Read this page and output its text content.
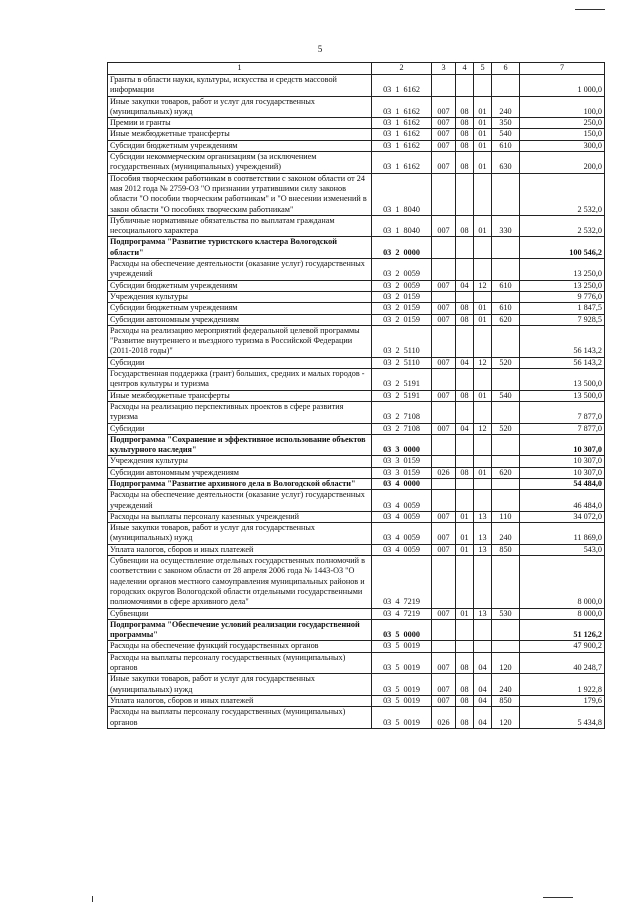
5
1	2	3	4	5	6	7
Гранты в области науки, культуры, искусства и средств массовой информации	03  1  6162					1 000,0
Иные закупки товаров, работ и услуг для государственных (муниципальных) нужд	03  1  6162	007	08	01	240	100,0
Премии и гранты	03  1  6162	007	08	01	350	250,0
Иные межбюджетные трансферты	03  1  6162	007	08	01	540	150,0
Субсидии бюджетным учреждениям	03  1  6162	007	08	01	610	300,0
Субсидии некоммерческим организациям (за исключением государственных (муниципальных) учреждений)	03  1  6162	007	08	01	630	200,0
Пособия творческим работникам в соответствии с законом области от 24 мая 2012 года № 2759-ОЗ "О признании утратившими силу законов области "О пособии творческим работникам" и "О внесении изменений в закон области "О пособиях творческим работникам"	03  1  8040					2 532,0
Публичные нормативные обязательства по выплатам гражданам несоциального характера	03  1  8040	007	08	01	330	2 532,0
Подпрограмма "Развитие туристского кластера Вологодской области"	03  2  0000					100 546,2
Расходы на обеспечение деятельности (оказание услуг) государственных учреждений	03  2  0059					13 250,0
Субсидии бюджетным учреждениям	03  2  0059	007	04	12	610	13 250,0
Учреждения культуры	03  2  0159					9 776,0
Субсидии бюджетным учреждениям	03  2  0159	007	08	01	610	1 847,5
Субсидии автономным учреждениям	03  2  0159	007	08	01	620	7 928,5
Расходы на реализацию мероприятий федеральной целевой программы "Развитие внутреннего и въездного туризма в Российской Федерации (2011-2018 годы)"	03  2  5110					56 143,2
Субсидии	03  2  5110	007	04	12	520	56 143,2
Государственная поддержка (грант) больших, средних и малых городов - центров культуры и туризма	03  2  5191					13 500,0
Иные межбюджетные трансферты	03  2  5191	007	08	01	540	13 500,0
Расходы на реализацию перспективных проектов в сфере развития туризма	03  2  7108					7 877,0
Субсидии	03  2  7108	007	04	12	520	7 877,0
Подпрограмма "Сохранение и эффективное использование объектов культурного наследия"	03  3  0000					10 307,0
Учреждения культуры	03  3  0159					10 307,0
Субсидии автономным учреждениям	03  3  0159	026	08	01	620	10 307,0
Подпрограмма "Развитие архивного дела в Вологодской области"	03  4  0000					54 484,0
Расходы на обеспечение деятельности (оказание услуг) государственных учреждений	03  4  0059					46 484,0
Расходы на выплаты персоналу казенных учреждений	03  4  0059	007	01	13	110	34 072,0
Иные закупки товаров, работ и услуг для государственных (муниципальных) нужд	03  4  0059	007	01	13	240	11 869,0
Уплата налогов, сборов и иных платежей	03  4  0059	007	01	13	850	543,0
Субвенции на осуществление отдельных государственных полномочий в соответствии с законом области от 28 апреля 2006 года № 1443-ОЗ "О наделении органов местного самоуправления муниципальных районов и городских округов Вологодской области отдельными государственными полномочиями в сфере архивного дела"	03  4  7219					8 000,0
Субвенции	03  4  7219	007	01	13	530	8 000,0
Подпрограмма "Обеспечение условий реализации государственной программы"	03  5  0000					51 126,2
Расходы на обеспечение функций государственных органов	03  5  0019					47 900,2
Расходы на выплаты персоналу государственных (муниципальных) органов	03  5  0019	007	08	04	120	40 248,7
Иные закупки товаров, работ и услуг для государственных (муниципальных) нужд	03  5  0019	007	08	04	240	1 922,8
Уплата налогов, сборов и иных платежей	03  5  0019	007	08	04	850	179,6
Расходы на выплаты персоналу государственных (муниципальных) органов	03  5  0019	026	08	04	120	5 434,8
